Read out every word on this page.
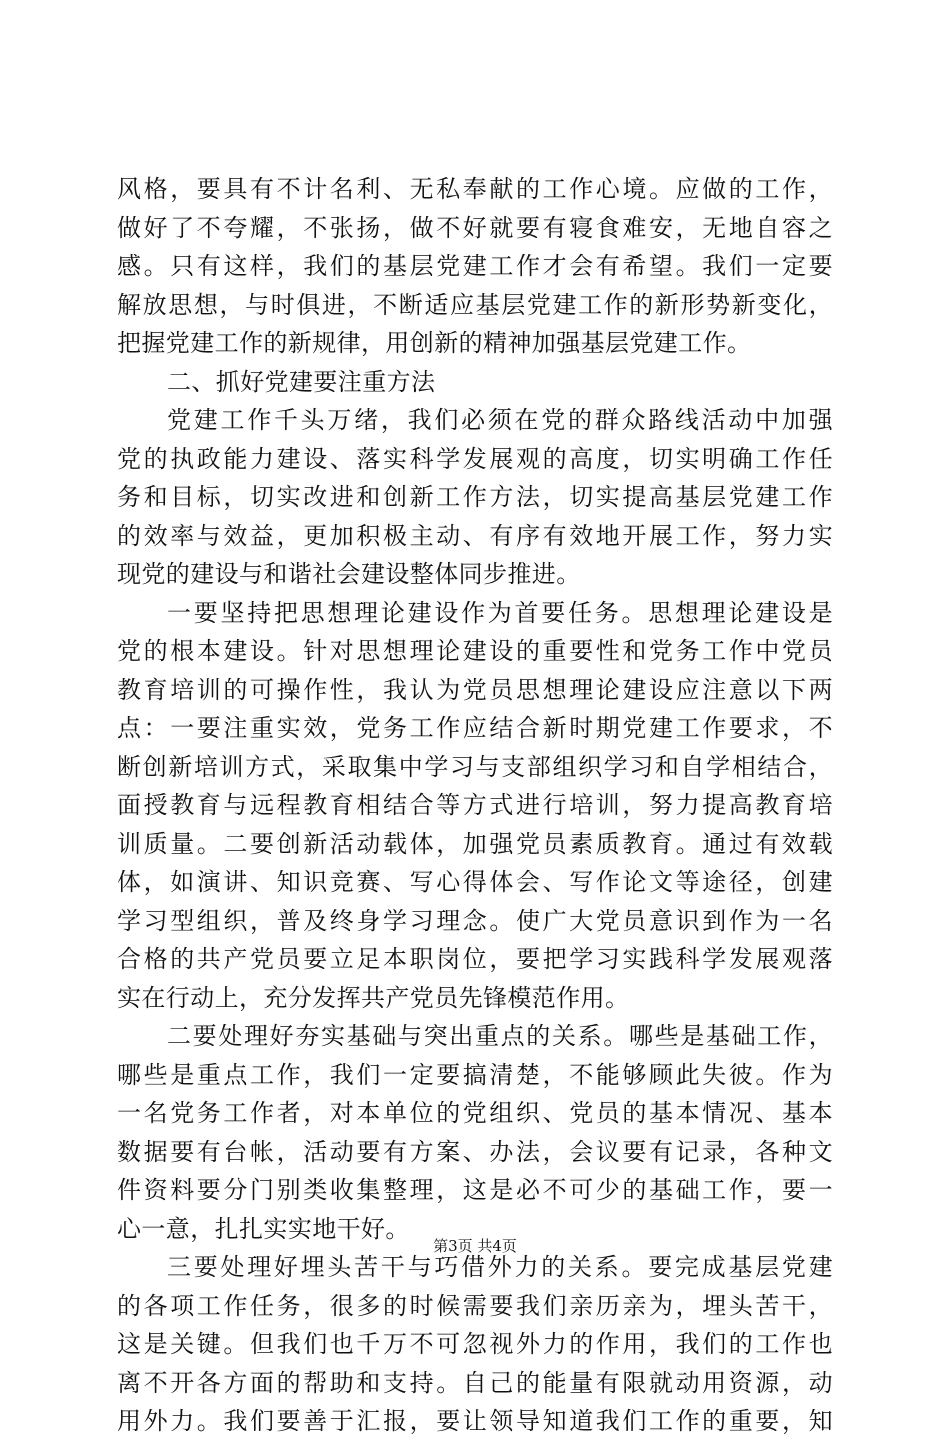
风格，要具有不计名利、无私奉献的工作心境。应做的工作，
做好了不夸耀，不张扬，做不好就要有寝食难安，无地自容之
感。只有这样，我们的基层党建工作才会有希望。我们一定要
解放思想，与时俱进，不断适应基层党建工作的新形势新变化，
把握党建工作的新规律，用创新的精神加强基层党建工作。
二、抓好党建要注重方法
党建工作千头万绪，我们必须在党的群众路线活动中加强
党的执政能力建设、落实科学发展观的高度，切实明确工作任
务和目标，切实改进和创新工作方法，切实提高基层党建工作
的效率与效益，更加积极主动、有序有效地开展工作，努力实
现党的建设与和谐社会建设整体同步推进。
一要坚持把思想理论建设作为首要任务。思想理论建设是
党的根本建设。针对思想理论建设的重要性和党务工作中党员
教育培训的可操作性，我认为党员思想理论建设应注意以下两
点：一要注重实效，党务工作应结合新时期党建工作要求，不
断创新培训方式，采取集中学习与支部组织学习和自学相结合，
面授教育与远程教育相结合等方式进行培训，努力提高教育培
训质量。二要创新活动载体，加强党员素质教育。通过有效载
体，如演讲、知识竞赛、写心得体会、写作论文等途径，创建
学习型组织，普及终身学习理念。使广大党员意识到作为一名
合格的共产党员要立足本职岗位，要把学习实践科学发展观落
实在行动上，充分发挥共产党员先锋模范作用。
二要处理好夯实基础与突出重点的关系。哪些是基础工作，
哪些是重点工作，我们一定要搞清楚，不能够顾此失彼。作为
一名党务工作者，对本单位的党组织、党员的基本情况、基本
数据要有台帐，活动要有方案、办法，会议要有记录，各种文
件资料要分门别类收集整理，这是必不可少的基础工作，要一
心一意，扎扎实实地干好。
三要处理好埋头苦干与巧借外力的关系。要完成基层党建
的各项工作任务，很多的时候需要我们亲历亲为，埋头苦干，
这是关键。但我们也千万不可忽视外力的作用，我们的工作也
离不开各方面的帮助和支持。自己的能量有限就动用资源，动
用外力。我们要善于汇报，要让领导知道我们工作的重要，知
第3页 共4页
